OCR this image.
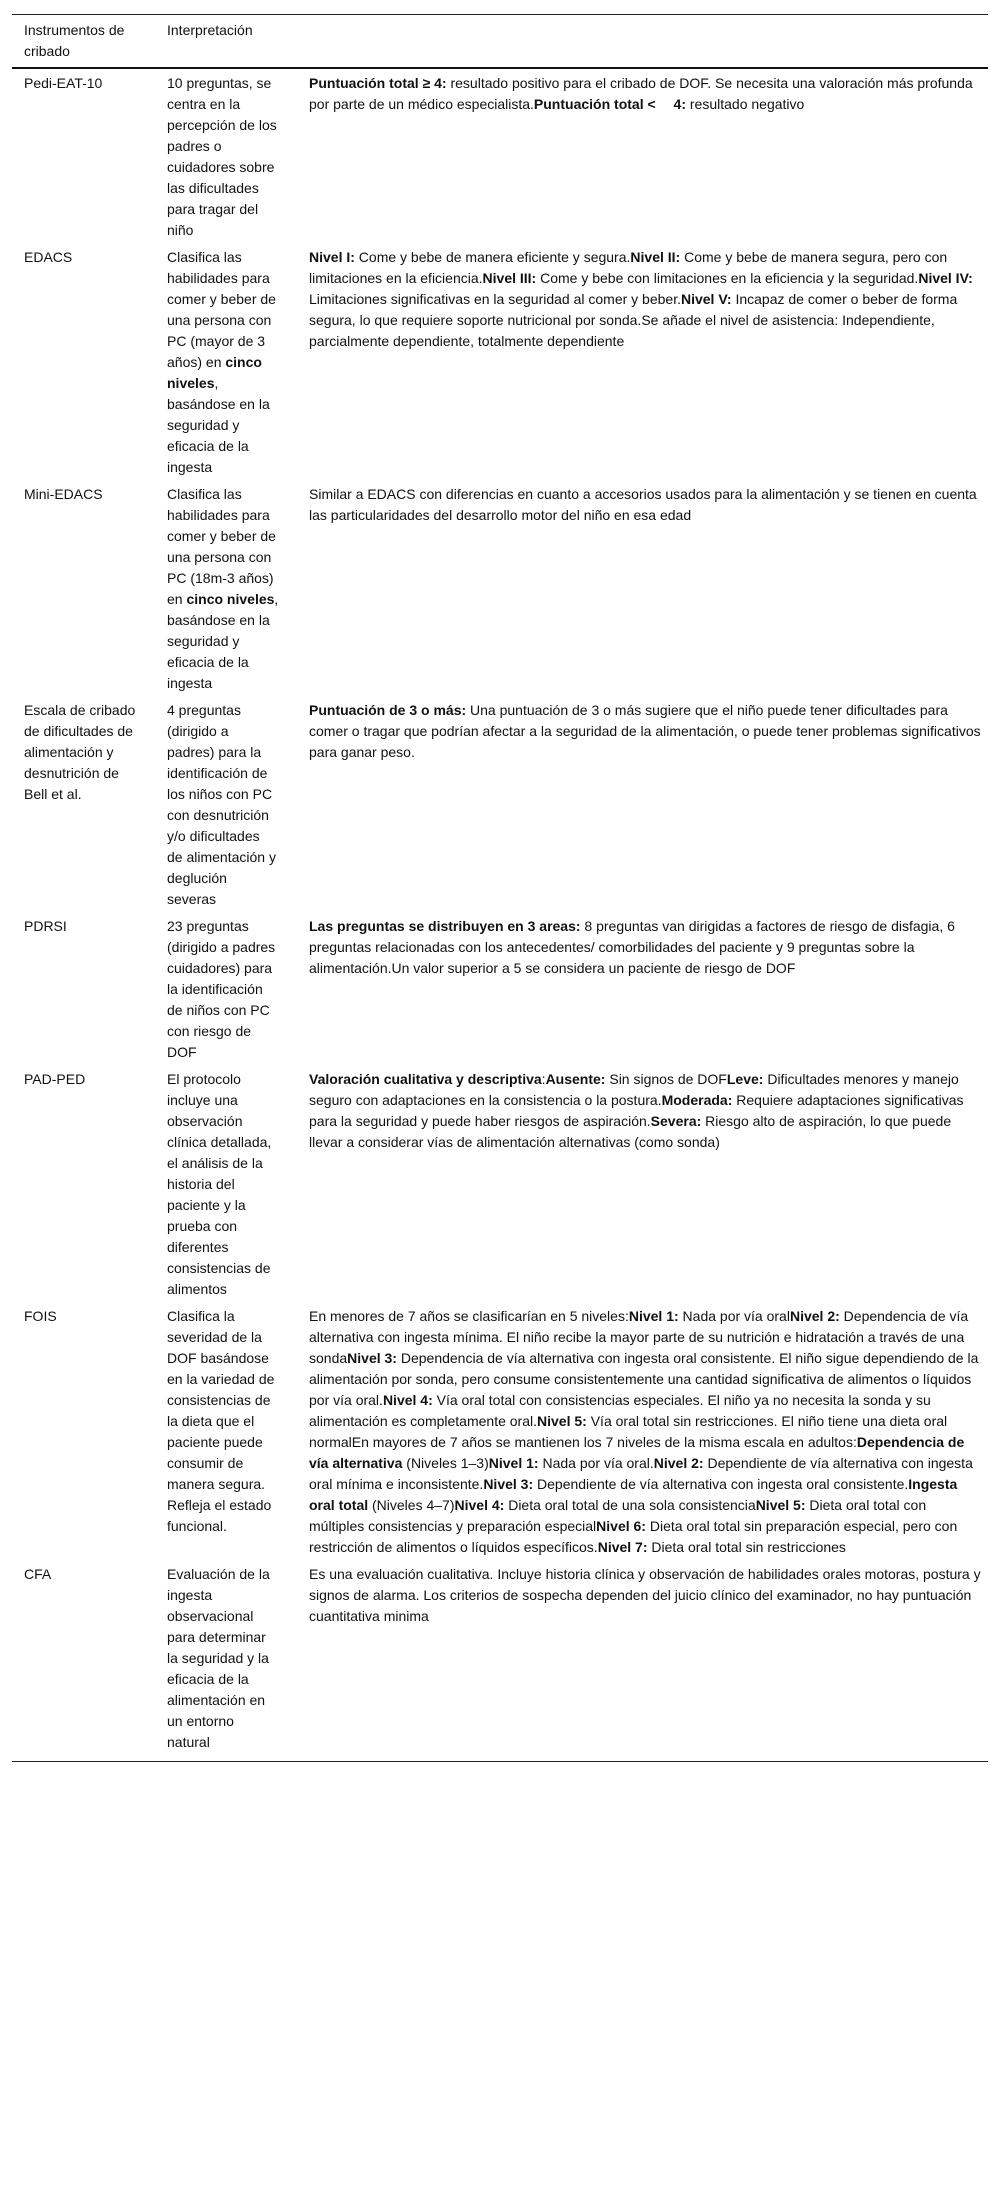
Instrumentos de cribado	Interpretación	
Pedi-EAT-10	10 preguntas, se centra en la percepción de los padres o cuidadores sobre las dificultades para tragar del niño	Puntuación total ≥ 4: resultado positivo para el cribado de DOF. Se necesita una valoración más profunda por parte de un médico especialista.Puntuación total <  4: resultado negativo
EDACS	Clasifica las habilidades para comer y beber de una persona con PC (mayor de 3 años) en cinco niveles, basándose en la seguridad y eficacia de la ingesta	Nivel I: Come y bebe de manera eficiente y segura.Nivel II: Come y bebe de manera segura, pero con limitaciones en la eficiencia.Nivel III: Come y bebe con limitaciones en la eficiencia y la seguridad.Nivel IV: Limitaciones significativas en la seguridad al comer y beber.Nivel V: Incapaz de comer o beber de forma segura, lo que requiere soporte nutricional por sonda.Se añade el nivel de asistencia: Independiente, parcialmente dependiente, totalmente dependiente
Mini-EDACS	Clasifica las habilidades para comer y beber de una persona con PC (18m-3 años) en cinco niveles, basándose en la seguridad y eficacia de la ingesta	Similar a EDACS con diferencias en cuanto a accesorios usados para la alimentación y se tienen en cuenta las particularidades del desarrollo motor del niño en esa edad
Escala de cribado de dificultades de alimentación y desnutrición de Bell et al.	4 preguntas (dirigido a padres) para la identificación de los niños con PC con desnutrición y/o dificultades de alimentación y deglución severas	Puntuación de 3 o más: Una puntuación de 3 o más sugiere que el niño puede tener dificultades para comer o tragar que podrían afectar a la seguridad de la alimentación, o puede tener problemas significativos para ganar peso.
PDRSI	23 preguntas (dirigido a padres cuidadores) para la identificación de niños con PC con riesgo de DOF	Las preguntas se distribuyen en 3 areas: 8 preguntas van dirigidas a factores de riesgo de disfagia, 6 preguntas relacionadas con los antecedentes/ comorbilidades del paciente y 9 preguntas sobre la alimentación.Un valor superior a 5 se considera un paciente de riesgo de DOF
PAD-PED	El protocolo incluye una observación clínica detallada, el análisis de la historia del paciente y la prueba con diferentes consistencias de alimentos	Valoración cualitativa y descriptiva:Ausente: Sin signos de DOFLeve: Dificultades menores y manejo seguro con adaptaciones en la consistencia o la postura.Moderada: Requiere adaptaciones significativas para la seguridad y puede haber riesgos de aspiración.Severa: Riesgo alto de aspiración, lo que puede llevar a considerar vías de alimentación alternativas (como sonda)
FOIS	Clasifica la severidad de la DOF basándose en la variedad de consistencias de la dieta que el paciente puede consumir de manera segura. Refleja el estado funcional.	En menores de 7 años se clasificarían en 5 niveles:Nivel 1: Nada por vía oralNivel 2: Dependencia de vía alternativa con ingesta mínima. El niño recibe la mayor parte de su nutrición e hidratación a través de una sondaNivel 3: Dependencia de vía alternativa con ingesta oral consistente. El niño sigue dependiendo de la alimentación por sonda, pero consume consistentemente una cantidad significativa de alimentos o líquidos por vía oral.Nivel 4: Vía oral total con consistencias especiales. El niño ya no necesita la sonda y su alimentación es completamente oral.Nivel 5: Vía oral total sin restricciones. El niño tiene una dieta oral normalEn mayores de 7 años se mantienen los 7 niveles de la misma escala en adultos:Dependencia de vía alternativa (Niveles 1–3)Nivel 1: Nada por vía oral.Nivel 2: Dependiente de vía alternativa con ingesta oral mínima e inconsistente.Nivel 3: Dependiente de vía alternativa con ingesta oral consistente.Ingesta oral total (Niveles 4–7)Nivel 4: Dieta oral total de una sola consistenciaNivel 5: Dieta oral total con múltiples consistencias y preparación especialNivel 6: Dieta oral total sin preparación especial, pero con restricción de alimentos o líquidos específicos.Nivel 7: Dieta oral total sin restricciones
CFA	Evaluación de la ingesta observacional para determinar la seguridad y la eficacia de la alimentación en un entorno natural	Es una evaluación cualitativa. Incluye historia clínica y observación de habilidades orales motoras, postura y signos de alarma. Los criterios de sospecha dependen del juicio clínico del examinador, no hay puntuación cuantitativa minima
